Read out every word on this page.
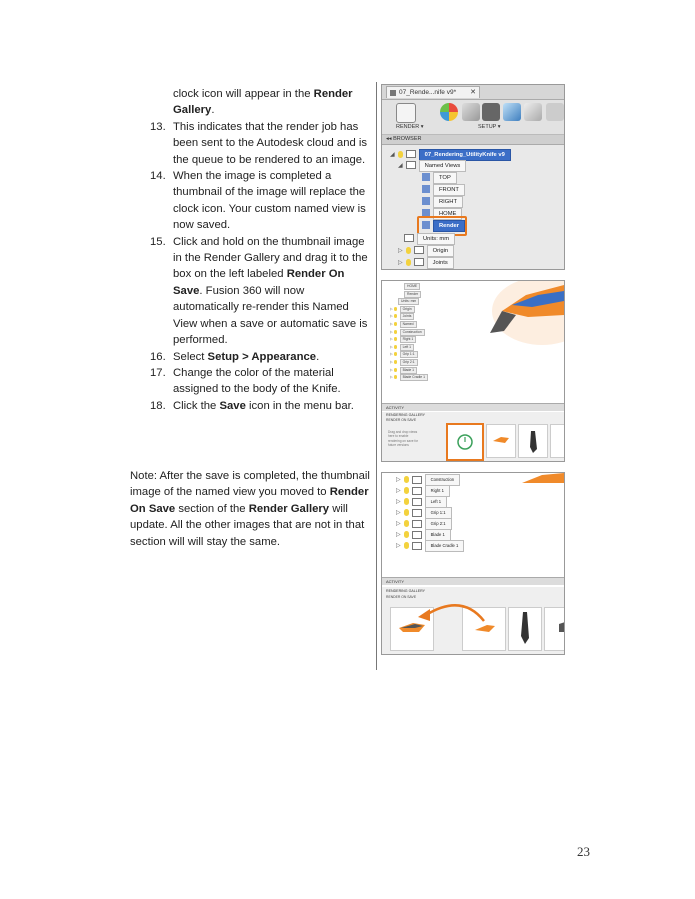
clock icon will appear in the Render Gallery.
13. This indicates that the render job has been sent to the Autodesk cloud and is the queue to be rendered to an image.
14. When the image is completed a thumbnail of the image will replace the clock icon. Your custom named view is now saved.
15. Click and hold on the thumbnail image in the Render Gallery and drag it to the box on the left labeled Render On Save. Fusion 360 will now automatically re-render this Named View when a save or automatic save is performed.
16. Select Setup > Appearance.
17. Change the color of the material assigned to the body of the Knife.
18. Click the Save icon in the menu bar.
Note: After the save is completed, the thumbnail image of the named view you moved to Render On Save section of the Render Gallery will update. All the other images that are not in that section will will stay the same.
07_Rende...nife v9* ✕
RENDER ▾	SETUP ▾
◂◂ BROWSER
◢	07_Rendering_UtilityKnife v9
◢	Named Views
TOP
FRONT
RIGHT
HOME
Render
Units: mm
▷	Origin
▷	Joints
HOME
Render
Units: mm
▷	Origin
▷	Joints
▷	Named
▷	Construction
▷	Right 1
▷	Left 1
▷	Grip 1:1
▷	Grip 2:1
▷	Blade 1
▷	Blade Cradle 1
ACTIVITY
RENDERING GALLERY
RENDER ON SAVE
Drag and drop views here to enable rendering on save for future versions
▷	Construction
▷	Right 1
▷	Left 1
▷	Grip 1:1
▷	Grip 2:1
▷	Blade 1
▷	Blade Cradle 1
ACTIVITY
RENDERING GALLERY
RENDER ON SAVE
23
